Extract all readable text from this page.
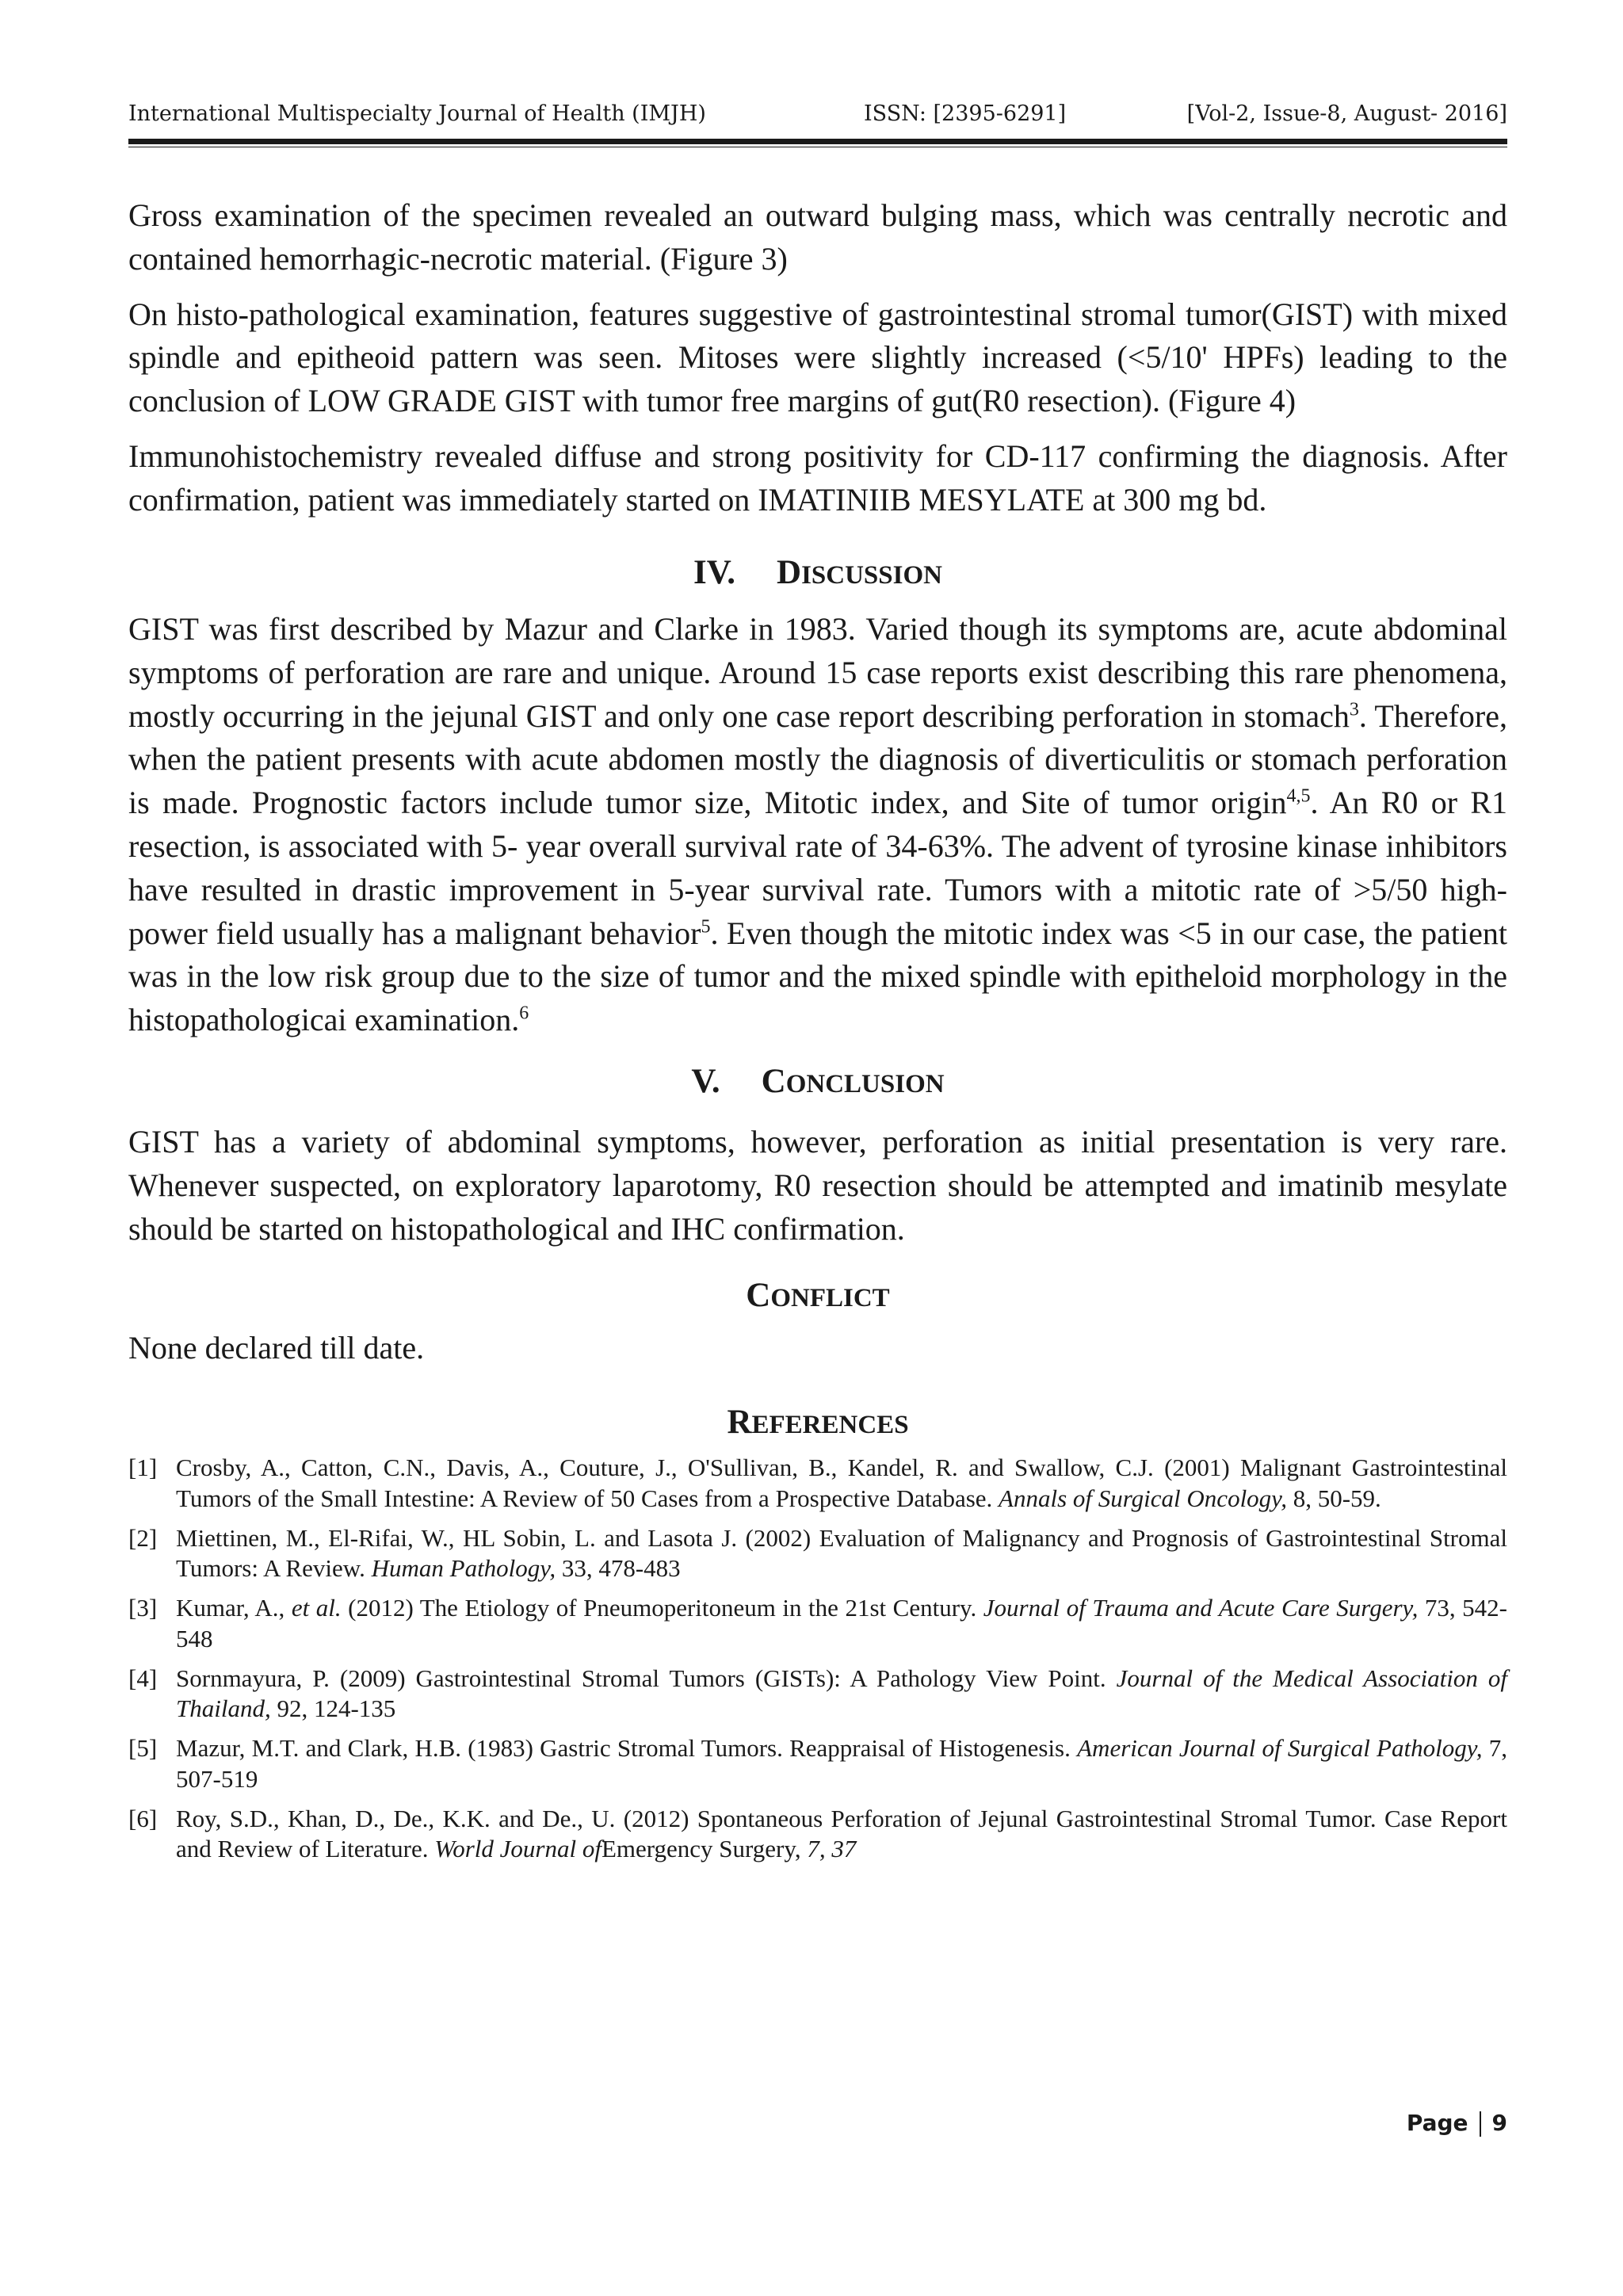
International Multispecialty Journal of Health (IMJH)	ISSN: [2395-6291]	[Vol-2, Issue-8, August- 2016]

Gross examination of the specimen revealed an outward bulging mass, which was centrally necrotic and contained hemorrhagic-necrotic material. (Figure 3)

On histo-pathological examination, features suggestive of gastrointestinal stromal tumor(GIST) with mixed spindle and epitheoid pattern was seen. Mitoses were slightly increased (<5/10' HPFs) leading to the conclusion of LOW GRADE GIST with tumor free margins of gut(R0 resection). (Figure 4)

Immunohistochemistry revealed diffuse and strong positivity for CD-117 confirming the diagnosis. After confirmation, patient was immediately started on IMATINIIB MESYLATE at 300 mg bd.

IV. DISCUSSION

GIST was first described by Mazur and Clarke in 1983. Varied though its symptoms are, acute abdominal symptoms of perforation are rare and unique. Around 15 case reports exist describing this rare phenomena, mostly occurring in the jejunal GIST and only one case report describing perforation in stomach$^3$. Therefore, when the patient presents with acute abdomen mostly the diagnosis of diverticulitis or stomach perforation is made. Prognostic factors include tumor size, Mitotic index, and Site of tumor origin$^{4,5}$. An R0 or R1 resection, is associated with 5- year overall survival rate of 34-63%. The advent of tyrosine kinase inhibitors have resulted in drastic improvement in 5-year survival rate. Tumors with a mitotic rate of >5/50 high-power field usually has a malignant behavior$^5$. Even though the mitotic index was <5 in our case, the patient was in the low risk group due to the size of tumor and the mixed spindle with epitheloid morphology in the histopathologicai examination.$^6$

V. CONCLUSION

GIST has a variety of abdominal symptoms, however, perforation as initial presentation is very rare. Whenever suspected, on exploratory laparotomy, R0 resection should be attempted and imatinib mesylate should be started on histopathological and IHC confirmation.

CONFLICT

None declared till date.

REFERENCES
[1] Crosby, A., Catton, C.N., Davis, A., Couture, J., O'Sullivan, B., Kandel, R. and Swallow, C.J. (2001) Malignant Gastrointestinal Tumors of the Small Intestine: A Review of 50 Cases from a Prospective Database. Annals of Surgical Oncology, 8, 50-59.
[2] Miettinen, M., El-Rifai, W., HL Sobin, L. and Lasota J. (2002) Evaluation of Malignancy and Prognosis of Gastrointestinal Stromal Tumors: A Review. Human Pathology, 33, 478-483
[3] Kumar, A., et al. (2012) The Etiology of Pneumoperitoneum in the 21st Century. Journal of Trauma and Acute Care Surgery, 73, 542-548
[4] Sornmayura, P. (2009) Gastrointestinal Stromal Tumors (GISTs): A Pathology View Point. Journal of the Medical Association of Thailand, 92, 124-135
[5] Mazur, M.T. and Clark, H.B. (1983) Gastric Stromal Tumors. Reappraisal of Histogenesis. American Journal of Surgical Pathology, 7, 507-519
[6] Roy, S.D., Khan, D., De., K.K. and De., U. (2012) Spontaneous Perforation of Jejunal Gastrointestinal Stromal Tumor. Case Report and Review of Literature. World Journal ofEmergency Surgery, 7, 37
Page 9
